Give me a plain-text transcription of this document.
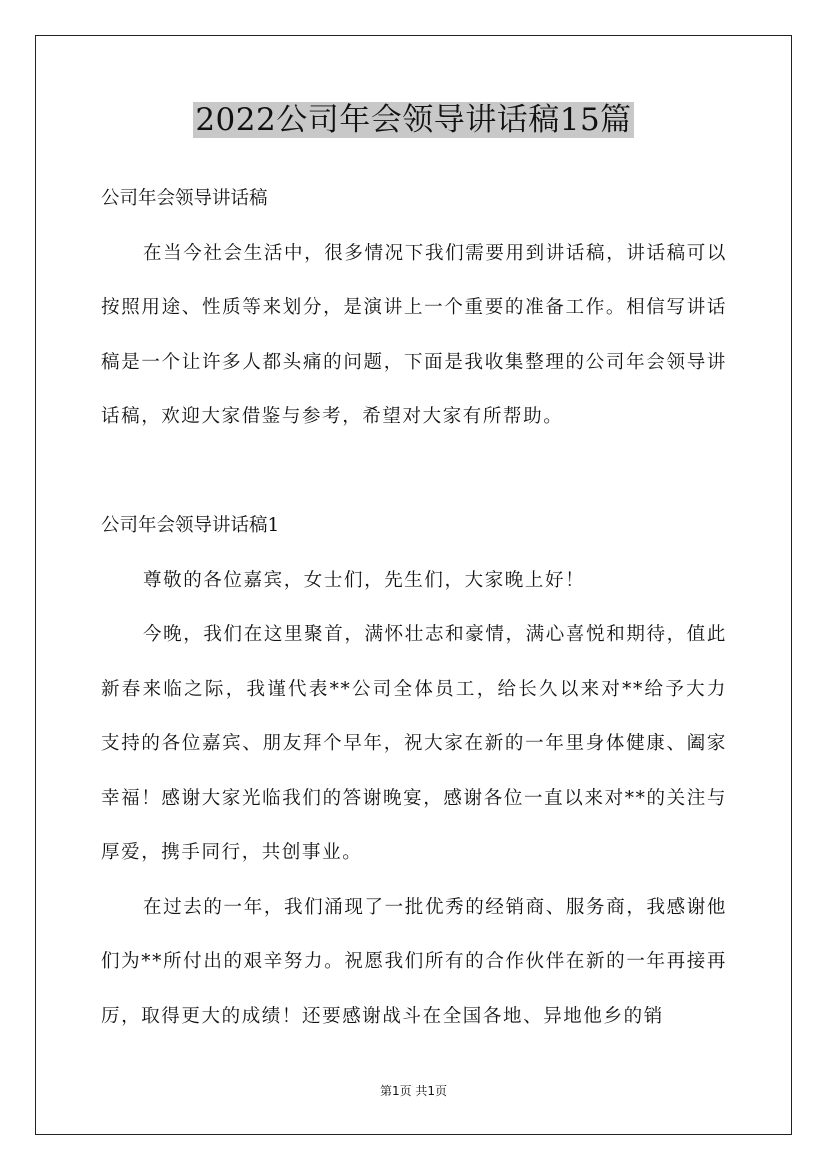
2022公司年会领导讲话稿15篇

公司年会领导讲话稿

在当今社会生活中，很多情况下我们需要用到讲话稿，讲话稿可以按照用途、性质等来划分，是演讲上一个重要的准备工作。相信写讲话稿是一个让许多人都头痛的问题，下面是我收集整理的公司年会领导讲话稿，欢迎大家借鉴与参考，希望对大家有所帮助。

公司年会领导讲话稿1

尊敬的各位嘉宾，女士们，先生们，大家晚上好！

今晚，我们在这里聚首，满怀壮志和豪情，满心喜悦和期待，值此新春来临之际，我谨代表**公司全体员工，给长久以来对**给予大力支持的各位嘉宾、朋友拜个早年，祝大家在新的一年里身体健康、阖家幸福！感谢大家光临我们的答谢晚宴，感谢各位一直以来对**的关注与厚爱，携手同行，共创事业。

在过去的一年，我们涌现了一批优秀的经销商、服务商，我感谢他们为**所付出的艰辛努力。祝愿我们所有的合作伙伴在新的一年再接再厉，取得更大的成绩！还要感谢战斗在全国各地、异地他乡的销

第1页 共1页
